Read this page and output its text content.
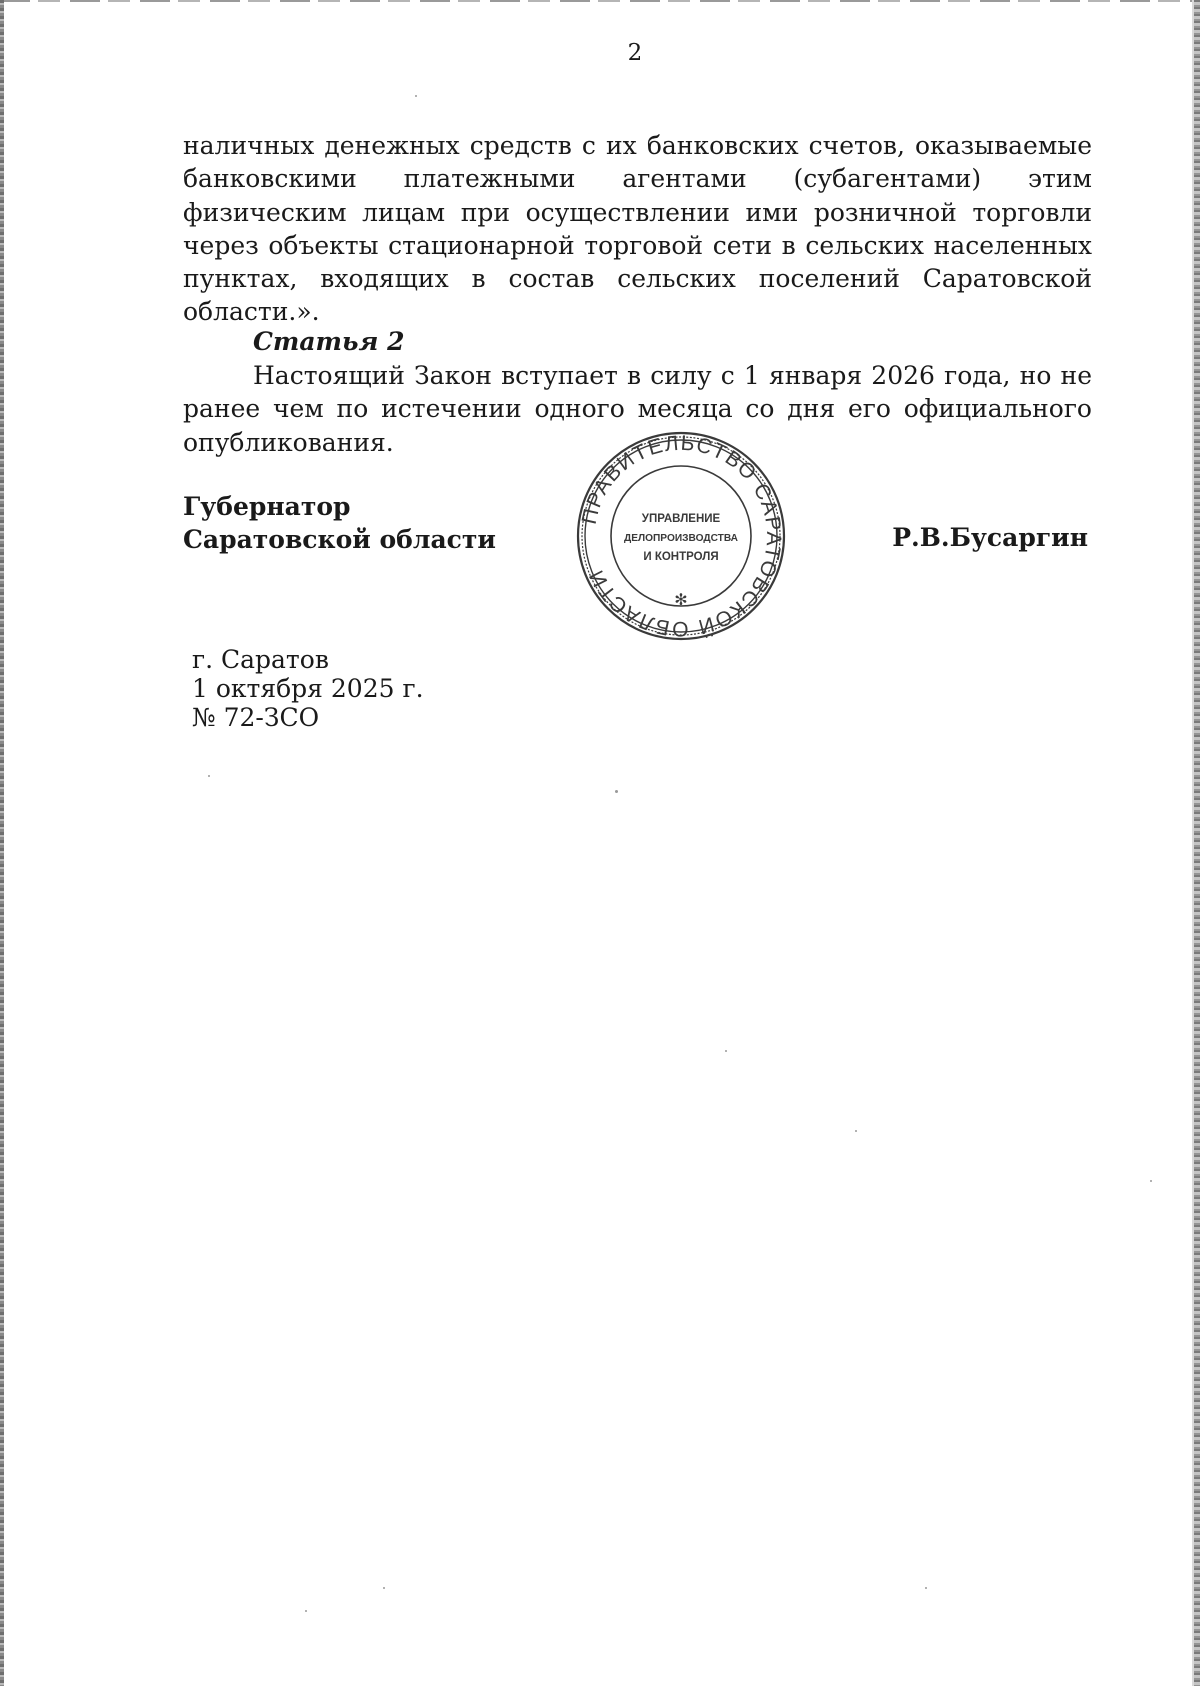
2
наличных денежных средств с их банковских счетов, оказываемые банковскими платежными агентами (субагентами) этим физическим лицам при осуществлении ими розничной торговли через объекты стационарной торговой сети в сельских населенных пунктах, входящих в состав сельских поселений Саратовской области.».
Статья 2
Настоящий Закон вступает в силу с 1 января 2026 года, но не ранее чем по истечении одного месяца со дня его официального опубликования.
Губернатор
Саратовской области	Р.В.Бусаргин
ПРАВИТЕЛЬСТВО САРАТОВСКОЙ ОБЛАСТИ
✻
УПРАВЛЕНИЕ
ДЕЛОПРОИЗВОДСТВА
И КОНТРОЛЯ
г. Саратов
1 октября 2025 г.
№ 72-ЗСО
